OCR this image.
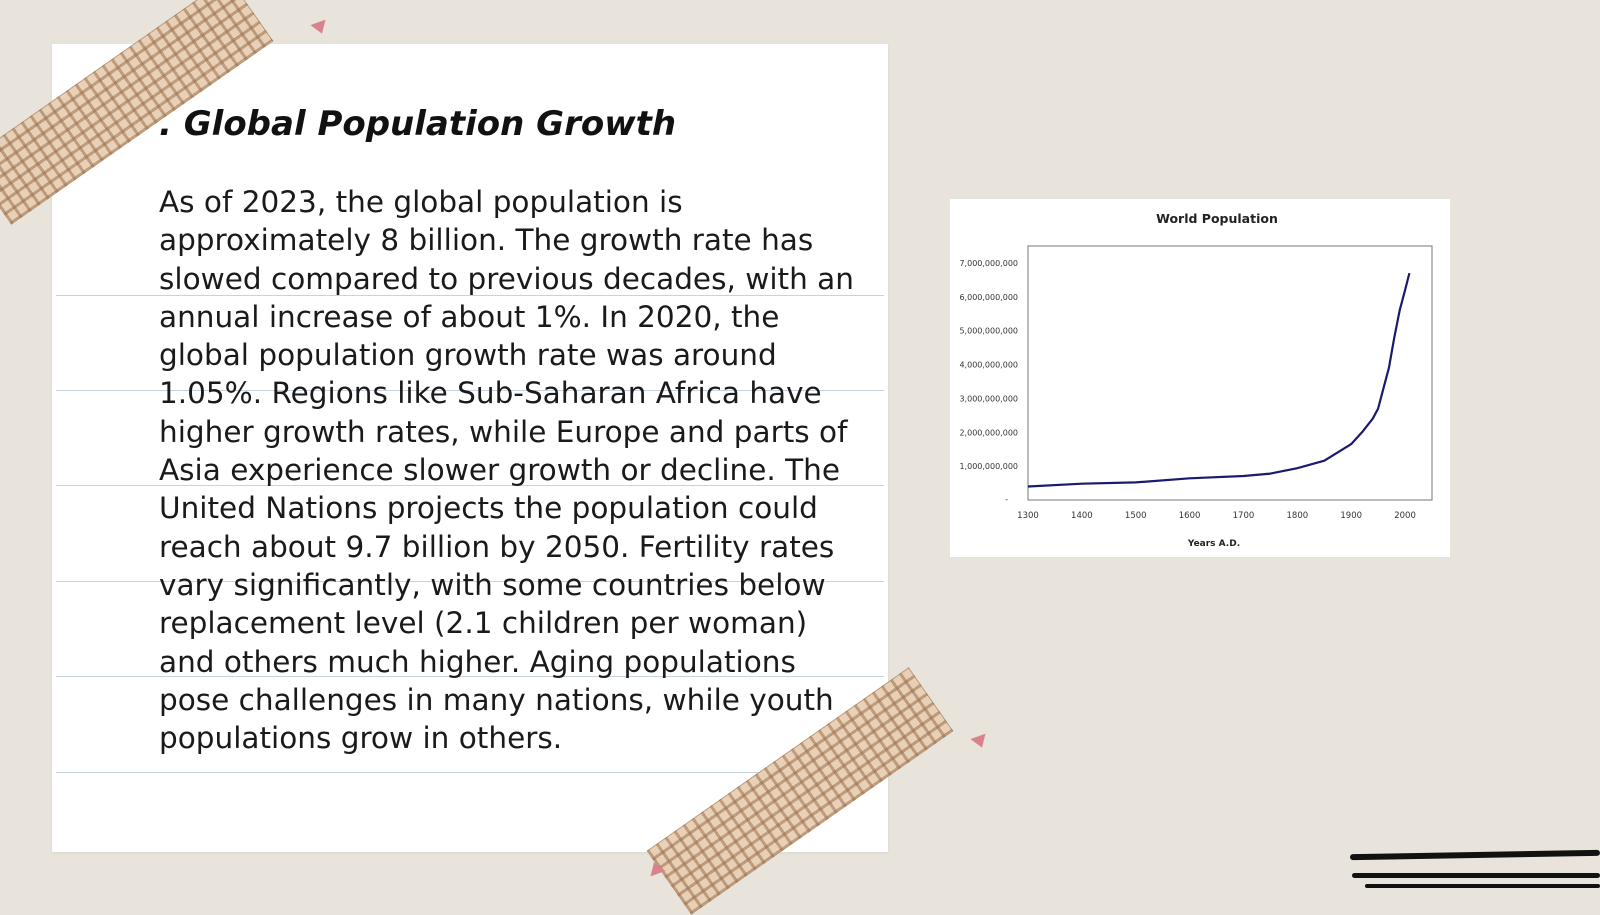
. Global Population Growth

As of 2023, the global population is approximately 8 billion. The growth rate has slowed compared to previous decades, with an annual increase of about 1%. In 2020, the global population growth rate was around 1.05%. Regions like Sub-Saharan Africa have higher growth rates, while Europe and parts of Asia experience slower growth or decline. The United Nations projects the population could reach about 9.7 billion by 2050. Fertility rates vary significantly, with some countries below replacement level (2.1 children per woman) and others much higher. Aging populations pose challenges in many nations, while youth populations grow in others.

World Population
1,000,000,000
2,000,000,000
3,000,000,000
4,000,000,000
5,000,000,000
6,000,000,000
7,000,000,000
-
1300	1400	1500	1600	1700	1800	1900	2000
Years A.D.
